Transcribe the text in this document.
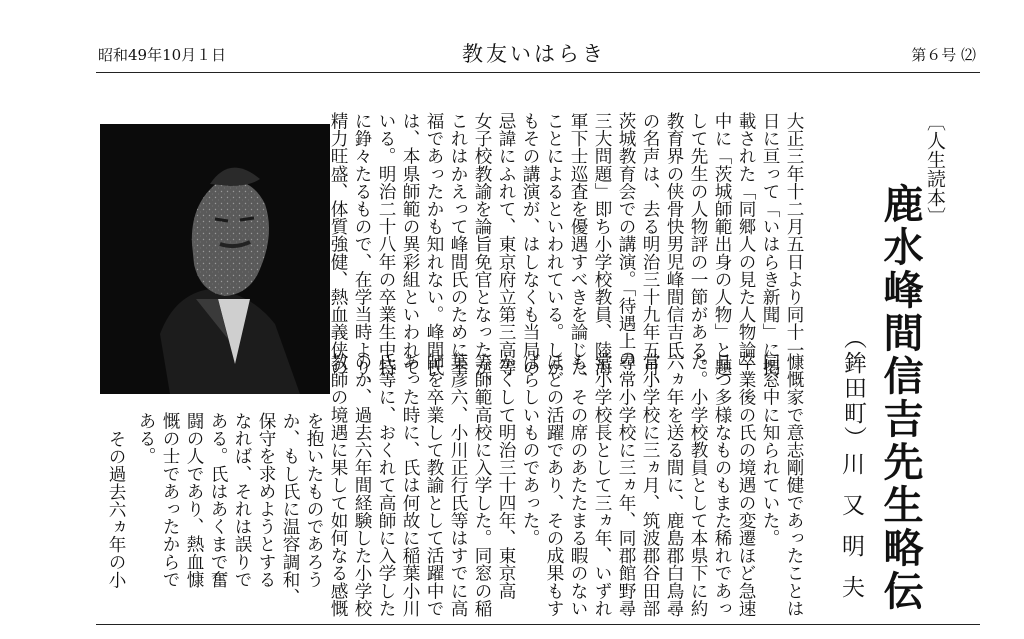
昭和49年10月１日	教友いはらき	第６号 ⑵
大正三年十二月五日より同十一
日に亘って「いはらき新聞」に掲
載された「同郷人の見た人物論」
中に「茨城師範出身の人物」と題
して先生の人物評の一節がある。
教育界の侠骨快男児峰間信吉氏
の名声は、去る明治三十九年五月、
茨城教育会での講演。「待遇上の
三大問題」即ち小学校教員、陸海
軍下士巡査を優遇すべきを論じた
ことによるといわれている。しか
もその講演が、はしなくも当局の
忌諱にふれて、東京府立第三高等
女子校教諭を論旨免官となったが、
これはかえって峰間氏のために幸
福であったかも知れない。峰間氏
は、本県師範の異彩組といわれて
いる。明治二十八年の卒業生中特
に錚々たるもので、在学当時より、
精力旺盛、体質強健、熱血義侠の
慷慨家で意志剛健であったことは
同窓中に知られていた。
卒業後の氏の境遇の変遷ほど急速
且つ多様なものもまた稀れであっ
た。小学校教員として本県下に約
六ヵ年を送る間に、鹿島郡白鳥尋
常小学校に三ヵ月、筑波郡谷田部
尋常小学校に三ヵ年、同郡館野尋
常小学校長として三ヵ年、いずれ
も、その席のあたたまる暇のない
ほどの活躍であり、その成果もす
ばらしいものであった。
かくして明治三十四年、東京高
等師範高校に入学した。同窓の稲
葉彦六、小川正行氏等はすでに高
師を卒業して教諭として活躍中で
あった時に、氏は何故に稲葉小川
氏等に、おくれて高師に入学した
のか、過去六年間経験した小学校
教師の境遇に果して如何なる感慨
を抱いたものであろう
か、もし氏に温容調和、
保守を求めようとする
なれば、それは誤りで
ある。氏はあくまで奮
闘の人であり、熱血慷
慨の士であったからで
ある。
その過去六ヵ年の小
〔人生読本〕
鹿水峰間信吉先生略伝
（鉾田町）
川又明夫
